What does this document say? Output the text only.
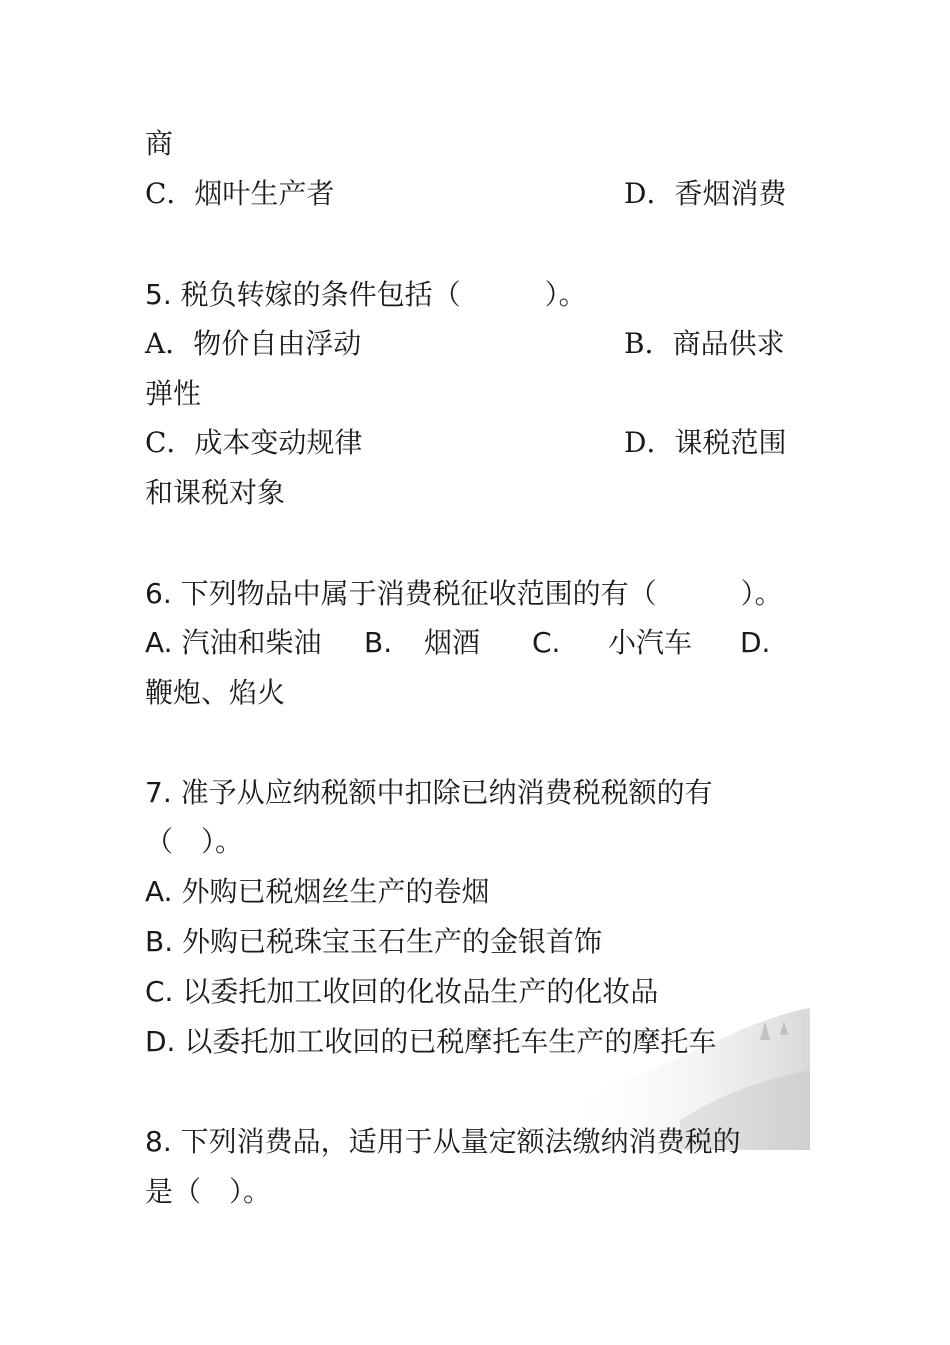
商
C．烟叶生产者	D．香烟消费
5. 税负转嫁的条件包括（　　　）。
A．物价自由浮动	B．商品供求
弹性
C．成本变动规律	D．课税范围
和课税对象
6. 下列物品中属于消费税征收范围的有（　　　）。
A. 汽油和柴油 B. 烟酒 C. 小汽车 D.
鞭炮、焰火
7. 准予从应纳税额中扣除已纳消费税税额的有
（　）。
A. 外购已税烟丝生产的卷烟
B. 外购已税珠宝玉石生产的金银首饰
C. 以委托加工收回的化妆品生产的化妆品
D. 以委托加工收回的已税摩托车生产的摩托车
8. 下列消费品，适用于从量定额法缴纳消费税的
是（　）。
